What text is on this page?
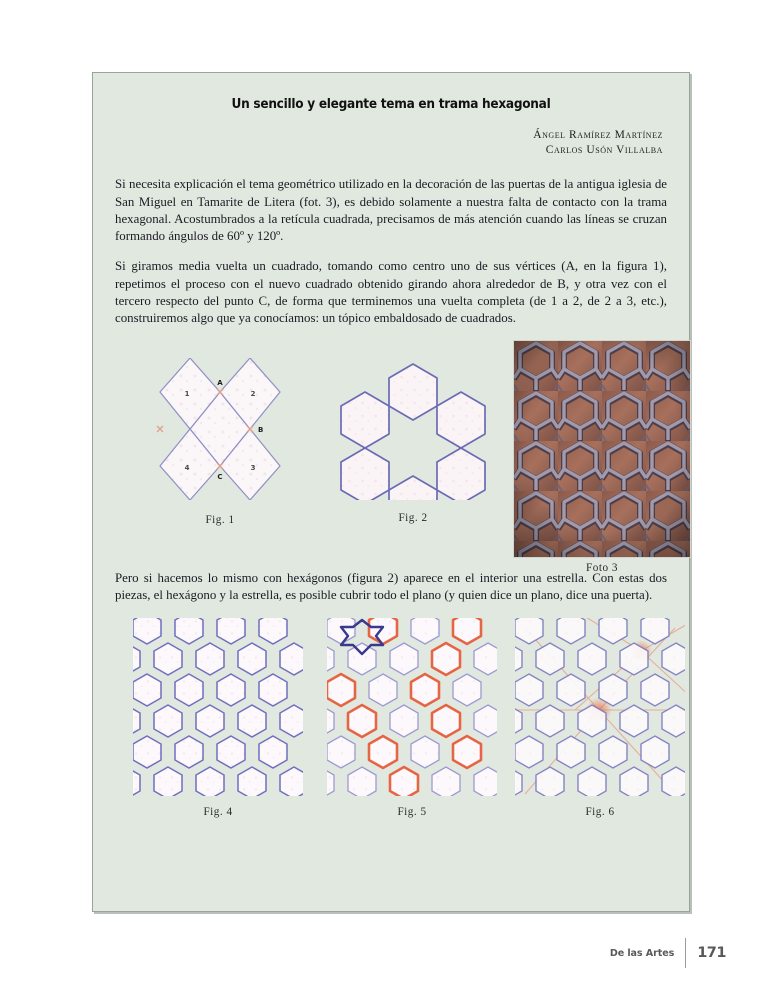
Un sencillo y elegante tema en trama hexagonal
Ángel Ramírez Martínez
Carlos Usón Villalba

Si necesita explicación el tema geométrico utilizado en la decoración de las puertas de la antigua iglesia de San Miguel en Tamarite de Litera (fot. 3), es debido solamente a nuestra falta de contacto con la trama hexagonal. Acostumbrados a la retícula cuadrada, precisamos de más atención cuando las líneas se cruzan formando ángulos de 60º y 120º.

Si giramos media vuelta un cuadrado, tomando como centro uno de sus vértices (A, en la figura 1), repetimos el proceso con el nuevo cuadrado obtenido girando ahora alrededor de B, y otra vez con el tercero respecto del punto C, de forma que terminemos una vuelta completa (de 1 a 2, de 2 a 3, etc.), construiremos algo que ya conocíamos: un tópico embaldosado de cuadrados.

1	2
3
4
A
B
C
Fig. 1	Fig. 2
Foto 3

Pero si hacemos lo mismo con hexágonos (figura 2) aparece en el interior una estrella. Con estas dos piezas, el hexágono y la estrella, es posible cubrir todo el plano (y quien dice un plano, dice una puerta).

Fig. 4	Fig. 5	Fig. 6
De las Artes 171
